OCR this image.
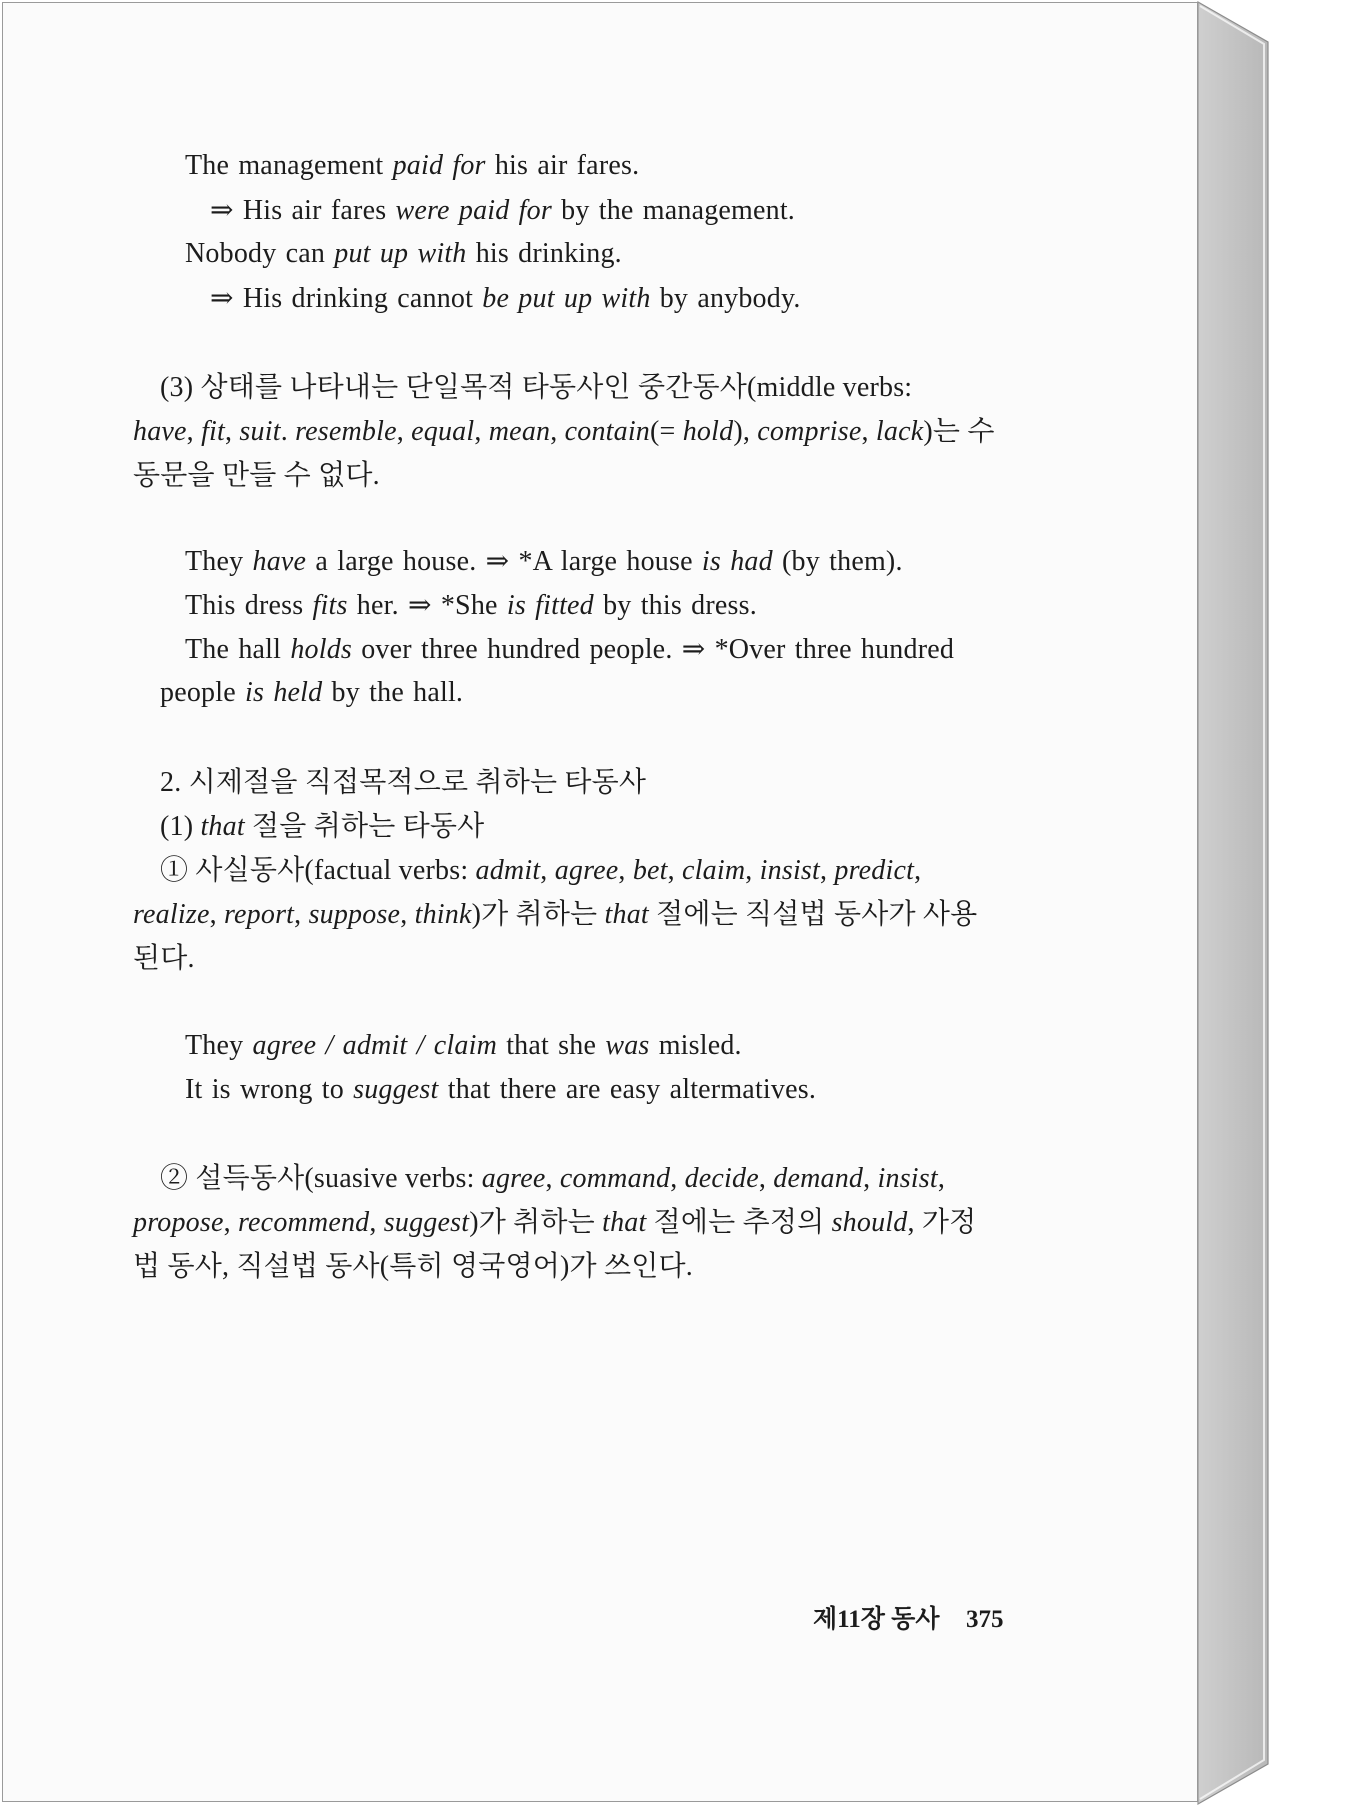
The management paid for his air fares.
⇒ His air fares were paid for by the management.
Nobody can put up with his drinking.
⇒ His drinking cannot be put up with by anybody.
(3) 상태를 나타내는 단일목적 타동사인 중간동사(middle verbs:
have, fit, suit. resemble, equal, mean, contain(= hold), comprise, lack)는 수
동문을 만들 수 없다.
They have a large house. ⇒ *A large house is had (by them).
This dress fits her. ⇒ *She is fitted by this dress.
The hall holds over three hundred people. ⇒ *Over three hundred
people is held by the hall.
2. 시제절을 직접목적으로 취하는 타동사
(1) that 절을 취하는 타동사
① 사실동사(factual verbs: admit, agree, bet, claim, insist, predict,
realize, report, suppose, think)가 취하는 that 절에는 직설법 동사가 사용
된다.
They agree / admit / claim that she was misled.
It is wrong to suggest that there are easy altermatives.
② 설득동사(suasive verbs: agree, command, decide, demand, insist,
propose, recommend, suggest)가 취하는 that 절에는 추정의 should, 가정
법 동사, 직설법 동사(특히 영국영어)가 쓰인다.
제11장 동사 375
